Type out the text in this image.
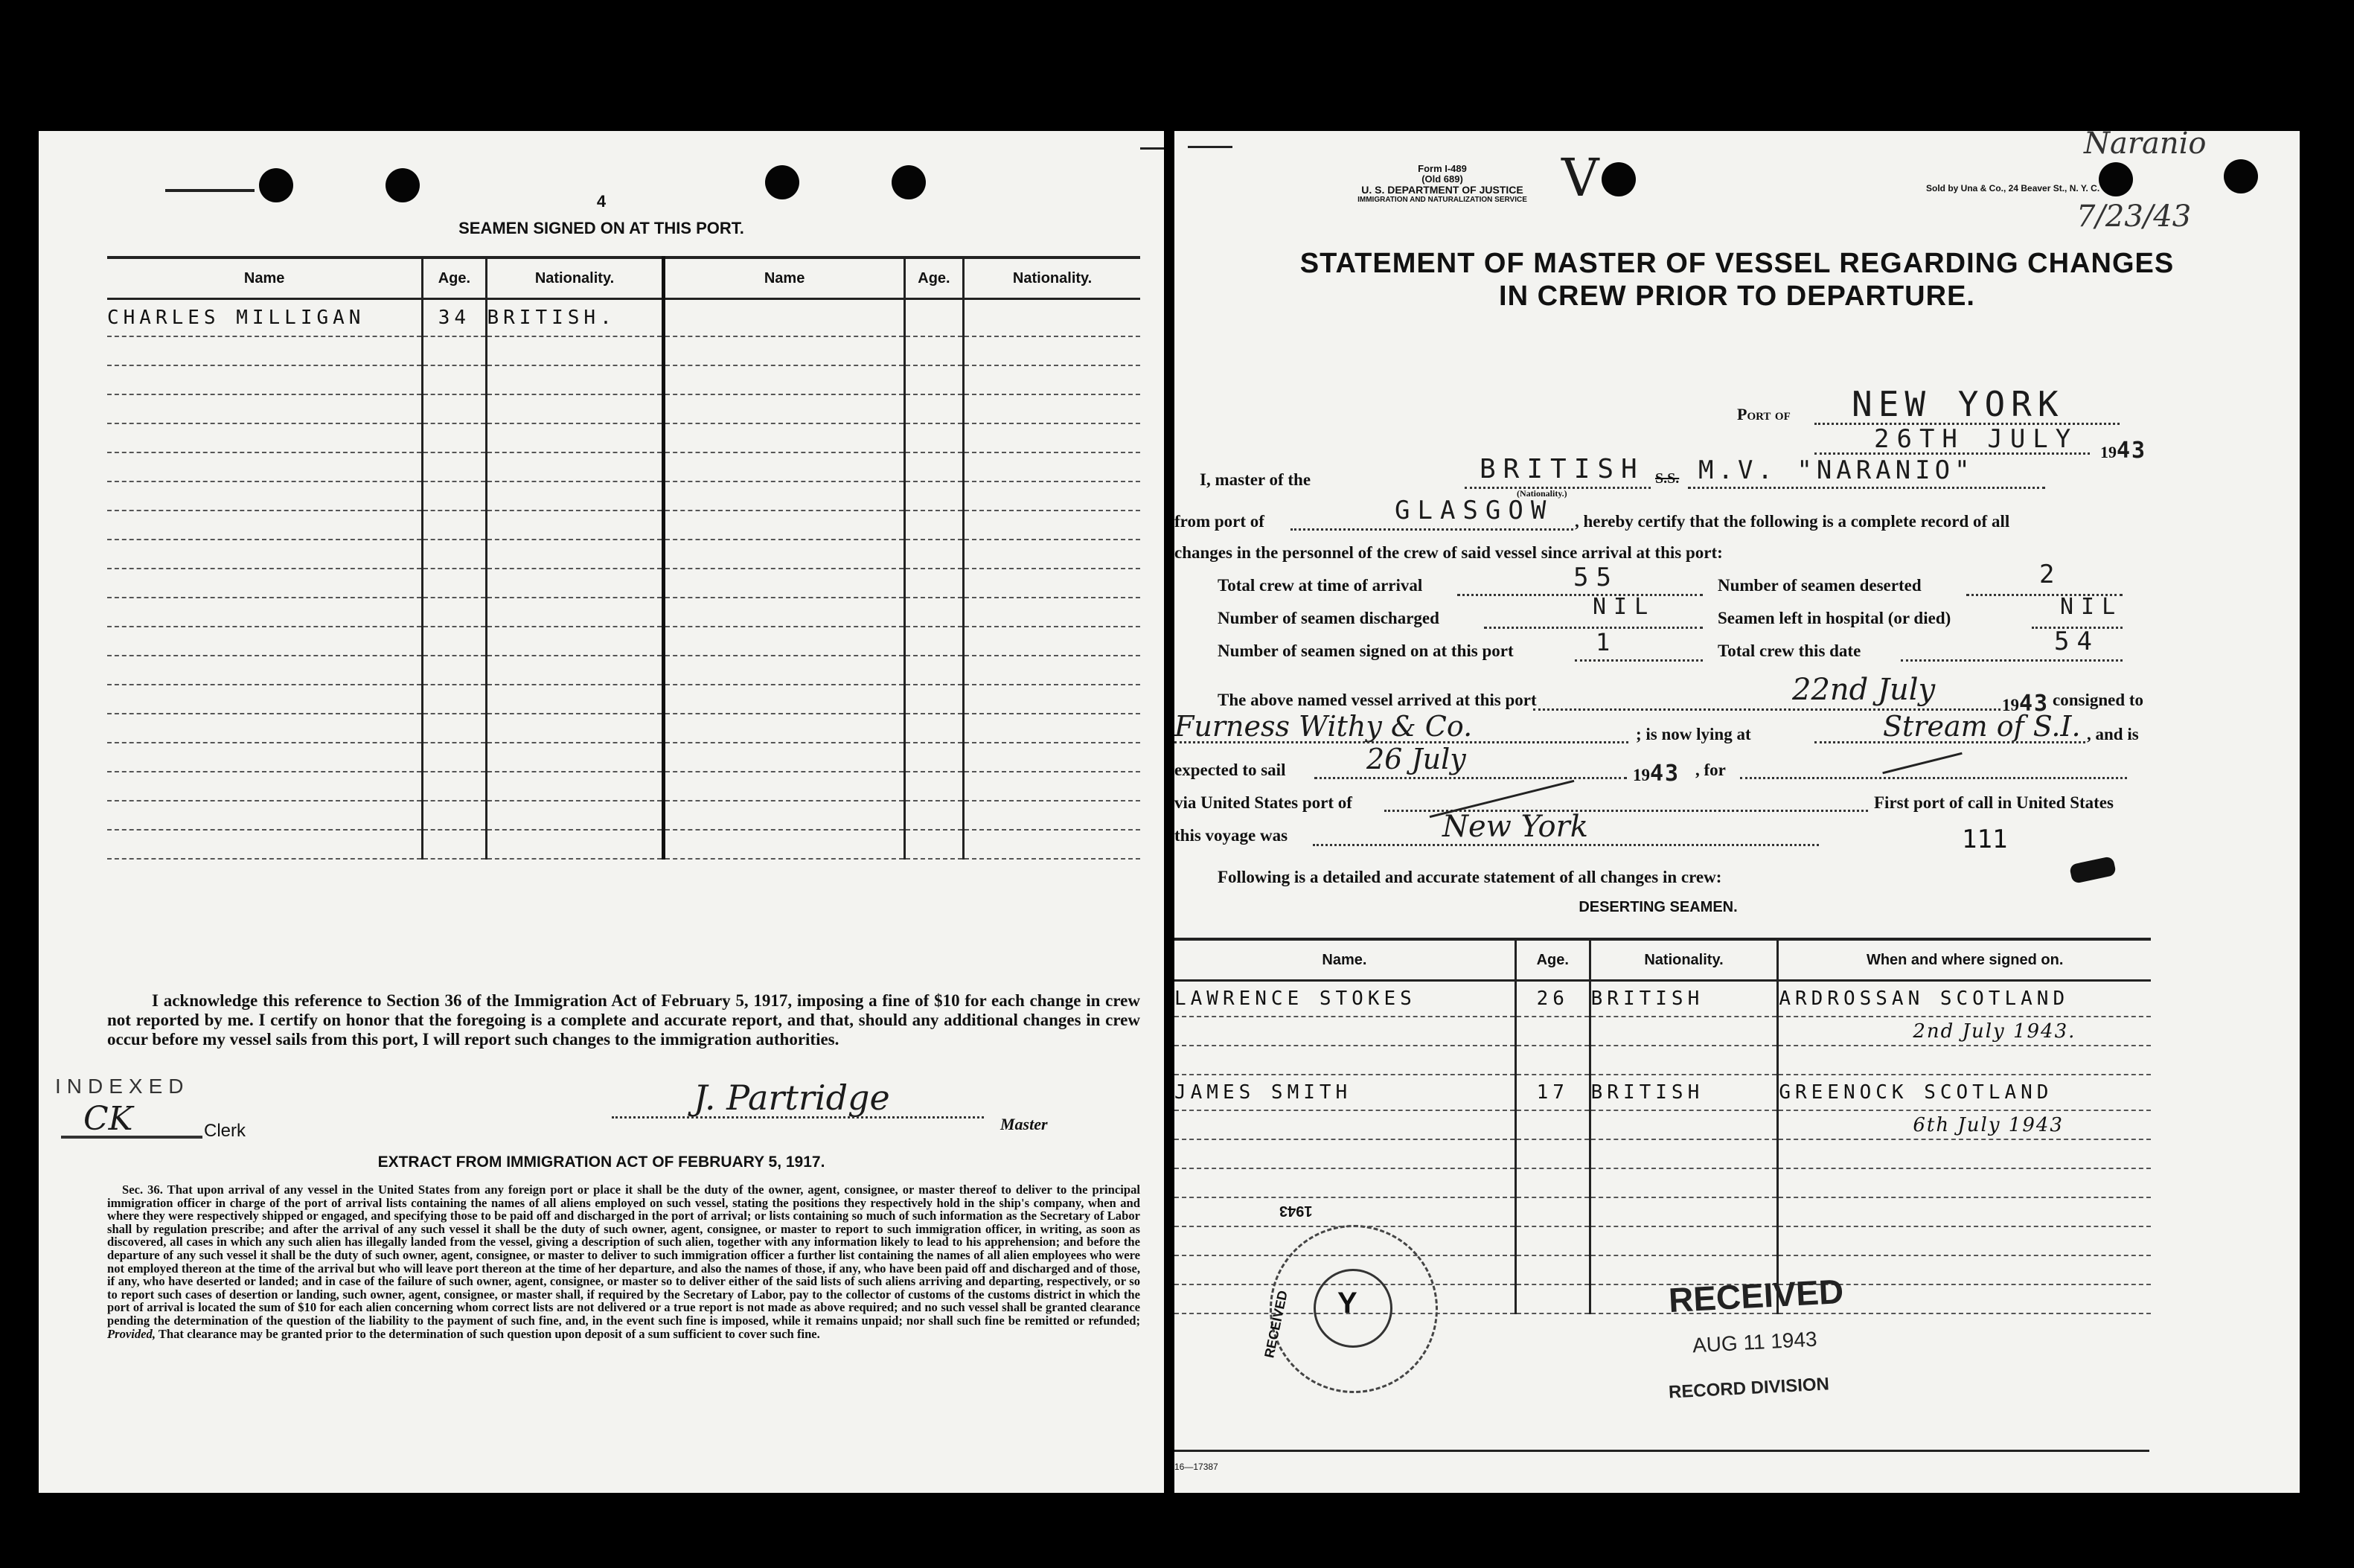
4
SEAMEN SIGNED ON AT THIS PORT.
Name	Age.	Nationality.	Name	Age.	Nationality.
CHARLES MILLIGAN	34	BRITISH.			

I acknowledge this reference to Section 36 of the Immigration Act of February 5, 1917, imposing a fine of $10 for each change in crew not reported by me. I certify on honor that the foregoing is a complete and accurate report, and that, should any additional changes in crew occur before my vessel sails from this port, I will report such changes to the immigration authorities.

INDEXED
CK	Clerk
J. Partridge
Master
EXTRACT FROM IMMIGRATION ACT OF FEBRUARY 5, 1917.

Sec. 36. That upon arrival of any vessel in the United States from any foreign port or place it shall be the duty of the owner, agent, consignee, or master thereof to deliver to the principal immigration officer in charge of the port of arrival lists containing the names of all aliens employed on such vessel, stating the positions they respectively hold in the ship's company, when and where they were respectively shipped or engaged, and specifying those to be paid off and discharged in the port of arrival; or lists containing so much of such information as the Secretary of Labor shall by regulation prescribe; and after the arrival of any such vessel it shall be the duty of such owner, agent, consignee, or master to report to such immigration officer, in writing, as soon as discovered, all cases in which any such alien has illegally landed from the vessel, giving a description of such alien, together with any information likely to lead to his apprehension; and before the departure of any such vessel it shall be the duty of such owner, agent, consignee, or master to deliver to such immigration officer a further list containing the names of all alien employees who were not employed thereon at the time of the arrival but who will leave port thereon at the time of her departure, and also the names of those, if any, who have been paid off and discharged and of those, if any, who have deserted or landed; and in case of the failure of such owner, agent, consignee, or master so to deliver either of the said lists of such aliens arriving and departing, respectively, or so to report such cases of desertion or landing, such owner, agent, consignee, or master shall, if required by the Secretary of Labor, pay to the collector of customs of the customs district in which the port of arrival is located the sum of $10 for each alien concerning whom correct lists are not delivered or a true report is not made as above required; and no such vessel shall be granted clearance pending the determination of the question of the liability to the payment of such fine, and, in the event such fine is imposed, while it remains unpaid; nor shall such fine be remitted or refunded; Provided, That clearance may be granted prior to the determination of such question upon deposit of a sum sufficient to cover such fine.

Form I-489
(Old 689)
U. S. DEPARTMENT OF JUSTICE
IMMIGRATION AND NATURALIZATION SERVICE V	Sold by Una & Co., 24 Beaver St., N. Y. C.
Naranio
7/23/43
STATEMENT OF MASTER OF VESSEL REGARDING CHANGES
IN CREW PRIOR TO DEPARTURE.
Port of NEW YORK
26TH JULY 1943
I, master of the	BRITISH
(Nationality.)
S.S. M.V. "NARANIO"
from port of	GLASGOW , hereby certify that the following is a complete record of all
changes in the personnel of the crew of said vessel since arrival at this port:
Total crew at time of arrival	55	Number of seamen deserted	2
Number of seamen discharged	NIL	Seamen left in hospital (or died)	NIL
Number of seamen signed on at this port	1	Total crew this date	54
The above named vessel arrived at this port	22nd July	1943 consigned to
Furness Withy & Co.	; is now lying at	Stream of S.I. , and is
expected to sail	26 July	1943 , for
via United States port of	First port of call in United States
this voyage was	New York	111
Following is a detailed and accurate statement of all changes in crew:
DESERTING SEAMEN.
Name.	Age.	Nationality.	When and where signed on.
LAWRENCE STOKES	26	BRITISH	ARDROSSAN SCOTLAND
			2nd July 1943.

JAMES SMITH	17	BRITISH	GREENOCK SCOTLAND
			6th July 1943

Y
1943
RECEIVED	RECEIVED
AUG 11 1943
RECORD DIVISION
16—17387
